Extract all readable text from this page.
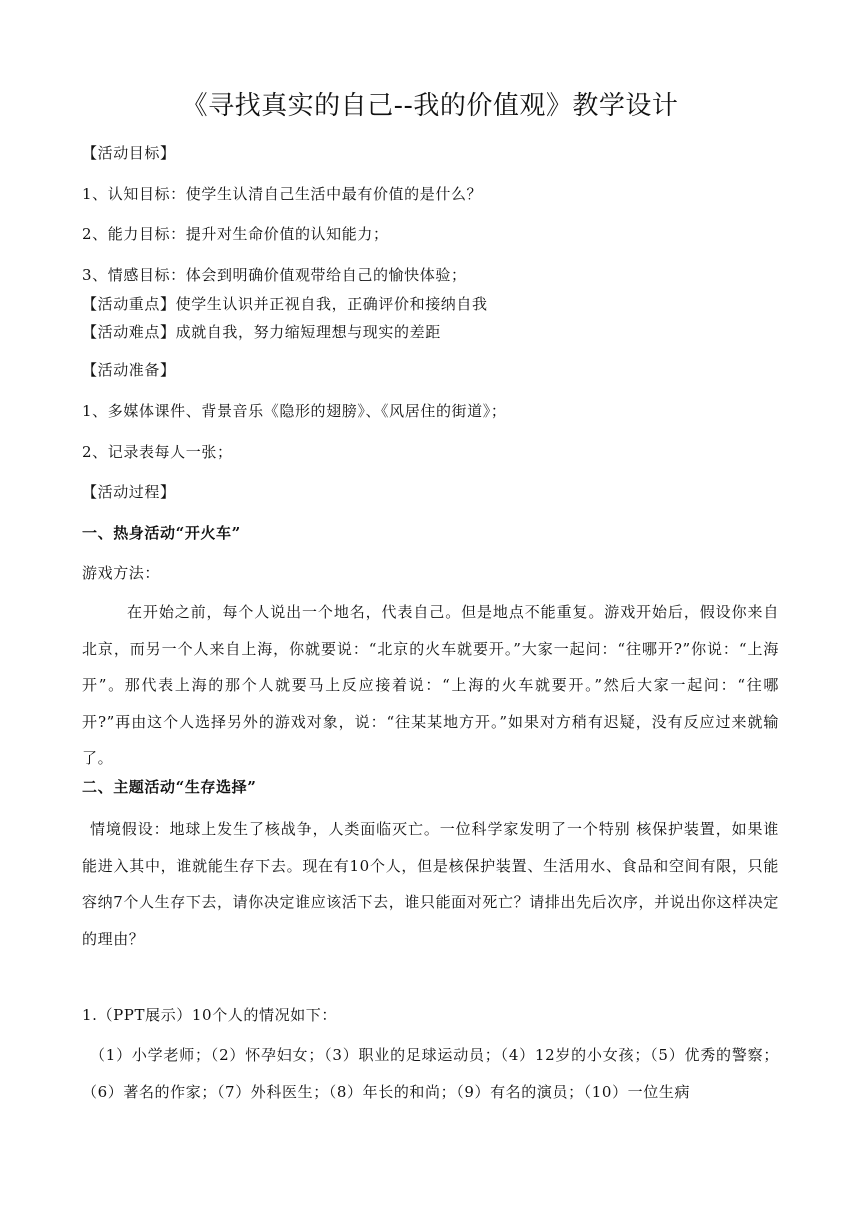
《寻找真实的自己--我的价值观》教学设计
【活动目标】
1、认知目标：使学生认清自己生活中最有价值的是什么？
2、能力目标：提升对生命价值的认知能力；
3、情感目标：体会到明确价值观带给自己的愉快体验；
【活动重点】使学生认识并正视自我，正确评价和接纳自我
【活动难点】成就自我，努力缩短理想与现实的差距
【活动准备】
1、多媒体课件、背景音乐《隐形的翅膀》、《风居住的街道》；
2、记录表每人一张；
【活动过程】
一、热身活动“开火车”
游戏方法：
在开始之前，每个人说出一个地名，代表自己。但是地点不能重复。游戏开始后，假设你来自北京，而另一个人来自上海，你就要说：“北京的火车就要开。”大家一起问：“往哪开?”你说：“上海开”。那代表上海的那个人就要马上反应接着说：“上海的火车就要开。”然后大家一起问：“往哪开?”再由这个人选择另外的游戏对象，说：“往某某地方开。”如果对方稍有迟疑，没有反应过来就输了。
二、主题活动“生存选择”
情境假设：地球上发生了核战争，人类面临灭亡。一位科学家发明了一个特别 核保护装置，如果谁能进入其中，谁就能生存下去。现在有10个人，但是核保护装置、生活用水、食品和空间有限，只能容纳7个人生存下去，请你决定谁应该活下去，谁只能面对死亡？请排出先后次序，并说出你这样决定的理由？
1.（PPT展示）10个人的情况如下：
（1）小学老师；（2）怀孕妇女；（3）职业的足球运动员；（4）12岁的小女孩；（5）优秀的警察；（6）著名的作家；（7）外科医生；（8）年长的和尚；（9）有名的演员；（10）一位生病
